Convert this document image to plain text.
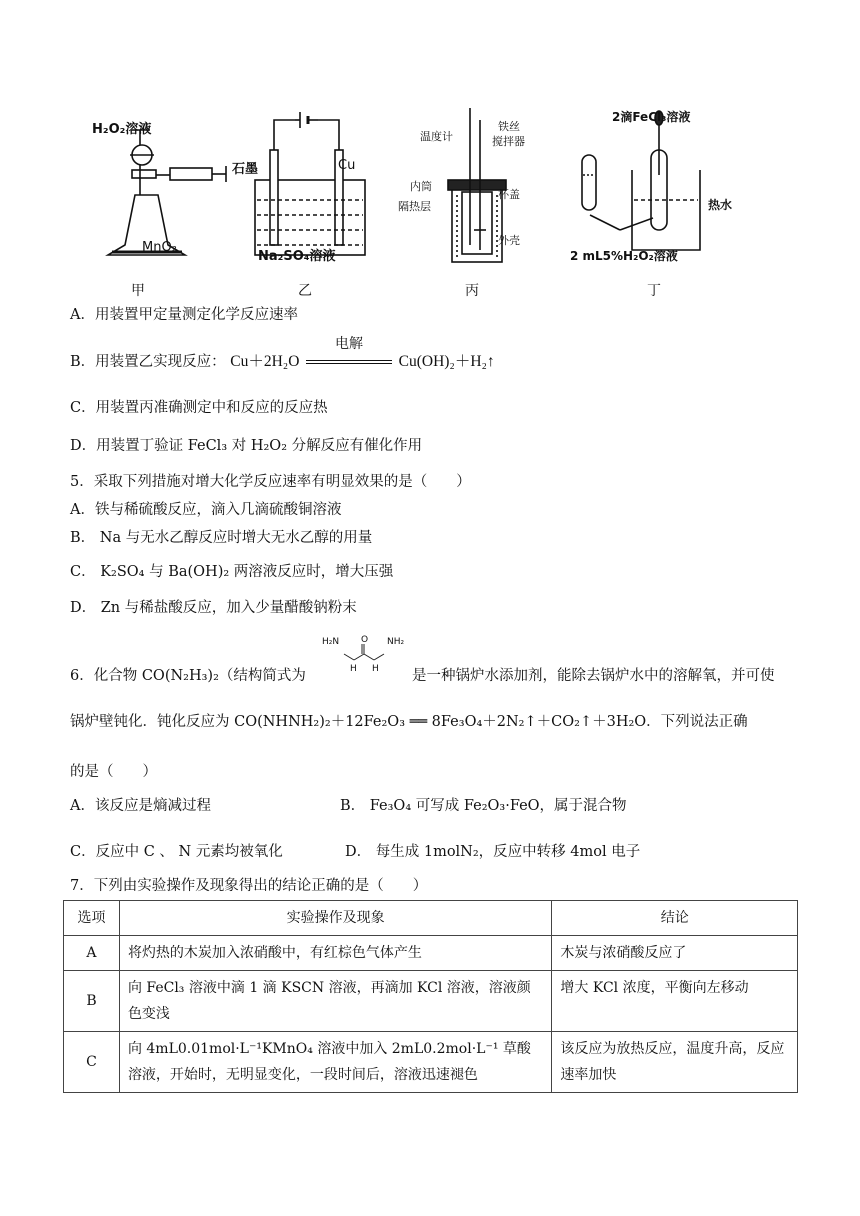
H₂O₂溶液
MnO₂
石墨	Cu
Na₂SO₄溶液
温度计
铁丝
搅拌器
内筒
杯盖
隔热层
外壳
2滴FeCl₃溶液
热水
2 mL5%H₂O₂溶液
甲	乙	丙	丁
A．用装置甲定量测定化学反应速率
B．用装置乙实现反应： Cu＋2H₂O
电解
Cu(OH)₂＋H₂↑
C．用装置丙准确测定中和反应的反应热
D．用装置丁验证 FeCl₃ 对 H₂O₂ 分解反应有催化作用
5．采取下列措施对增大化学反应速率有明显效果的是（　　）
A．铁与稀硫酸反应，滴入几滴硫酸铜溶液
B． Na 与无水乙醇反应时增大无水乙醇的用量
C． K₂SO₄ 与 Ba(OH)₂ 两溶液反应时，增大压强
D． Zn 与稀盐酸反应，加入少量醋酸钠粉末
6．化合物 CO(N₂H₃)₂（结构简式为
H₂N O NH₂
H H 是一种锅炉水添加剂，能除去锅炉水中的溶解氧，并可使
锅炉壁钝化．钝化反应为 CO(NHNH₂)₂＋12Fe₂O₃ ══ 8Fe₃O₄＋2N₂↑＋CO₂↑＋3H₂O．下列说法正确
的是（　　）
A．该反应是熵减过程	B． Fe₃O₄ 可写成 Fe₂O₃·FeO，属于混合物
C．反应中 C 、 N 元素均被氧化	D． 每生成 1molN₂，反应中转移 4mol 电子
7．下列由实验操作及现象得出的结论正确的是（　　）
选项	实验操作及现象	结论
A	将灼热的木炭加入浓硝酸中，有红棕色气体产生	木炭与浓硝酸反应了
B	向 FeCl₃ 溶液中滴 1 滴 KSCN 溶液，再滴加 KCl 溶液，溶液颜色变浅	增大 KCl 浓度，平衡向左移动
C	向 4mL0.01mol·L⁻¹KMnO₄ 溶液中加入 2mL0.2mol·L⁻¹ 草酸溶液，开始时，无明显变化，一段时间后，溶液迅速褪色	该反应为放热反应，温度升高，反应速率加快
